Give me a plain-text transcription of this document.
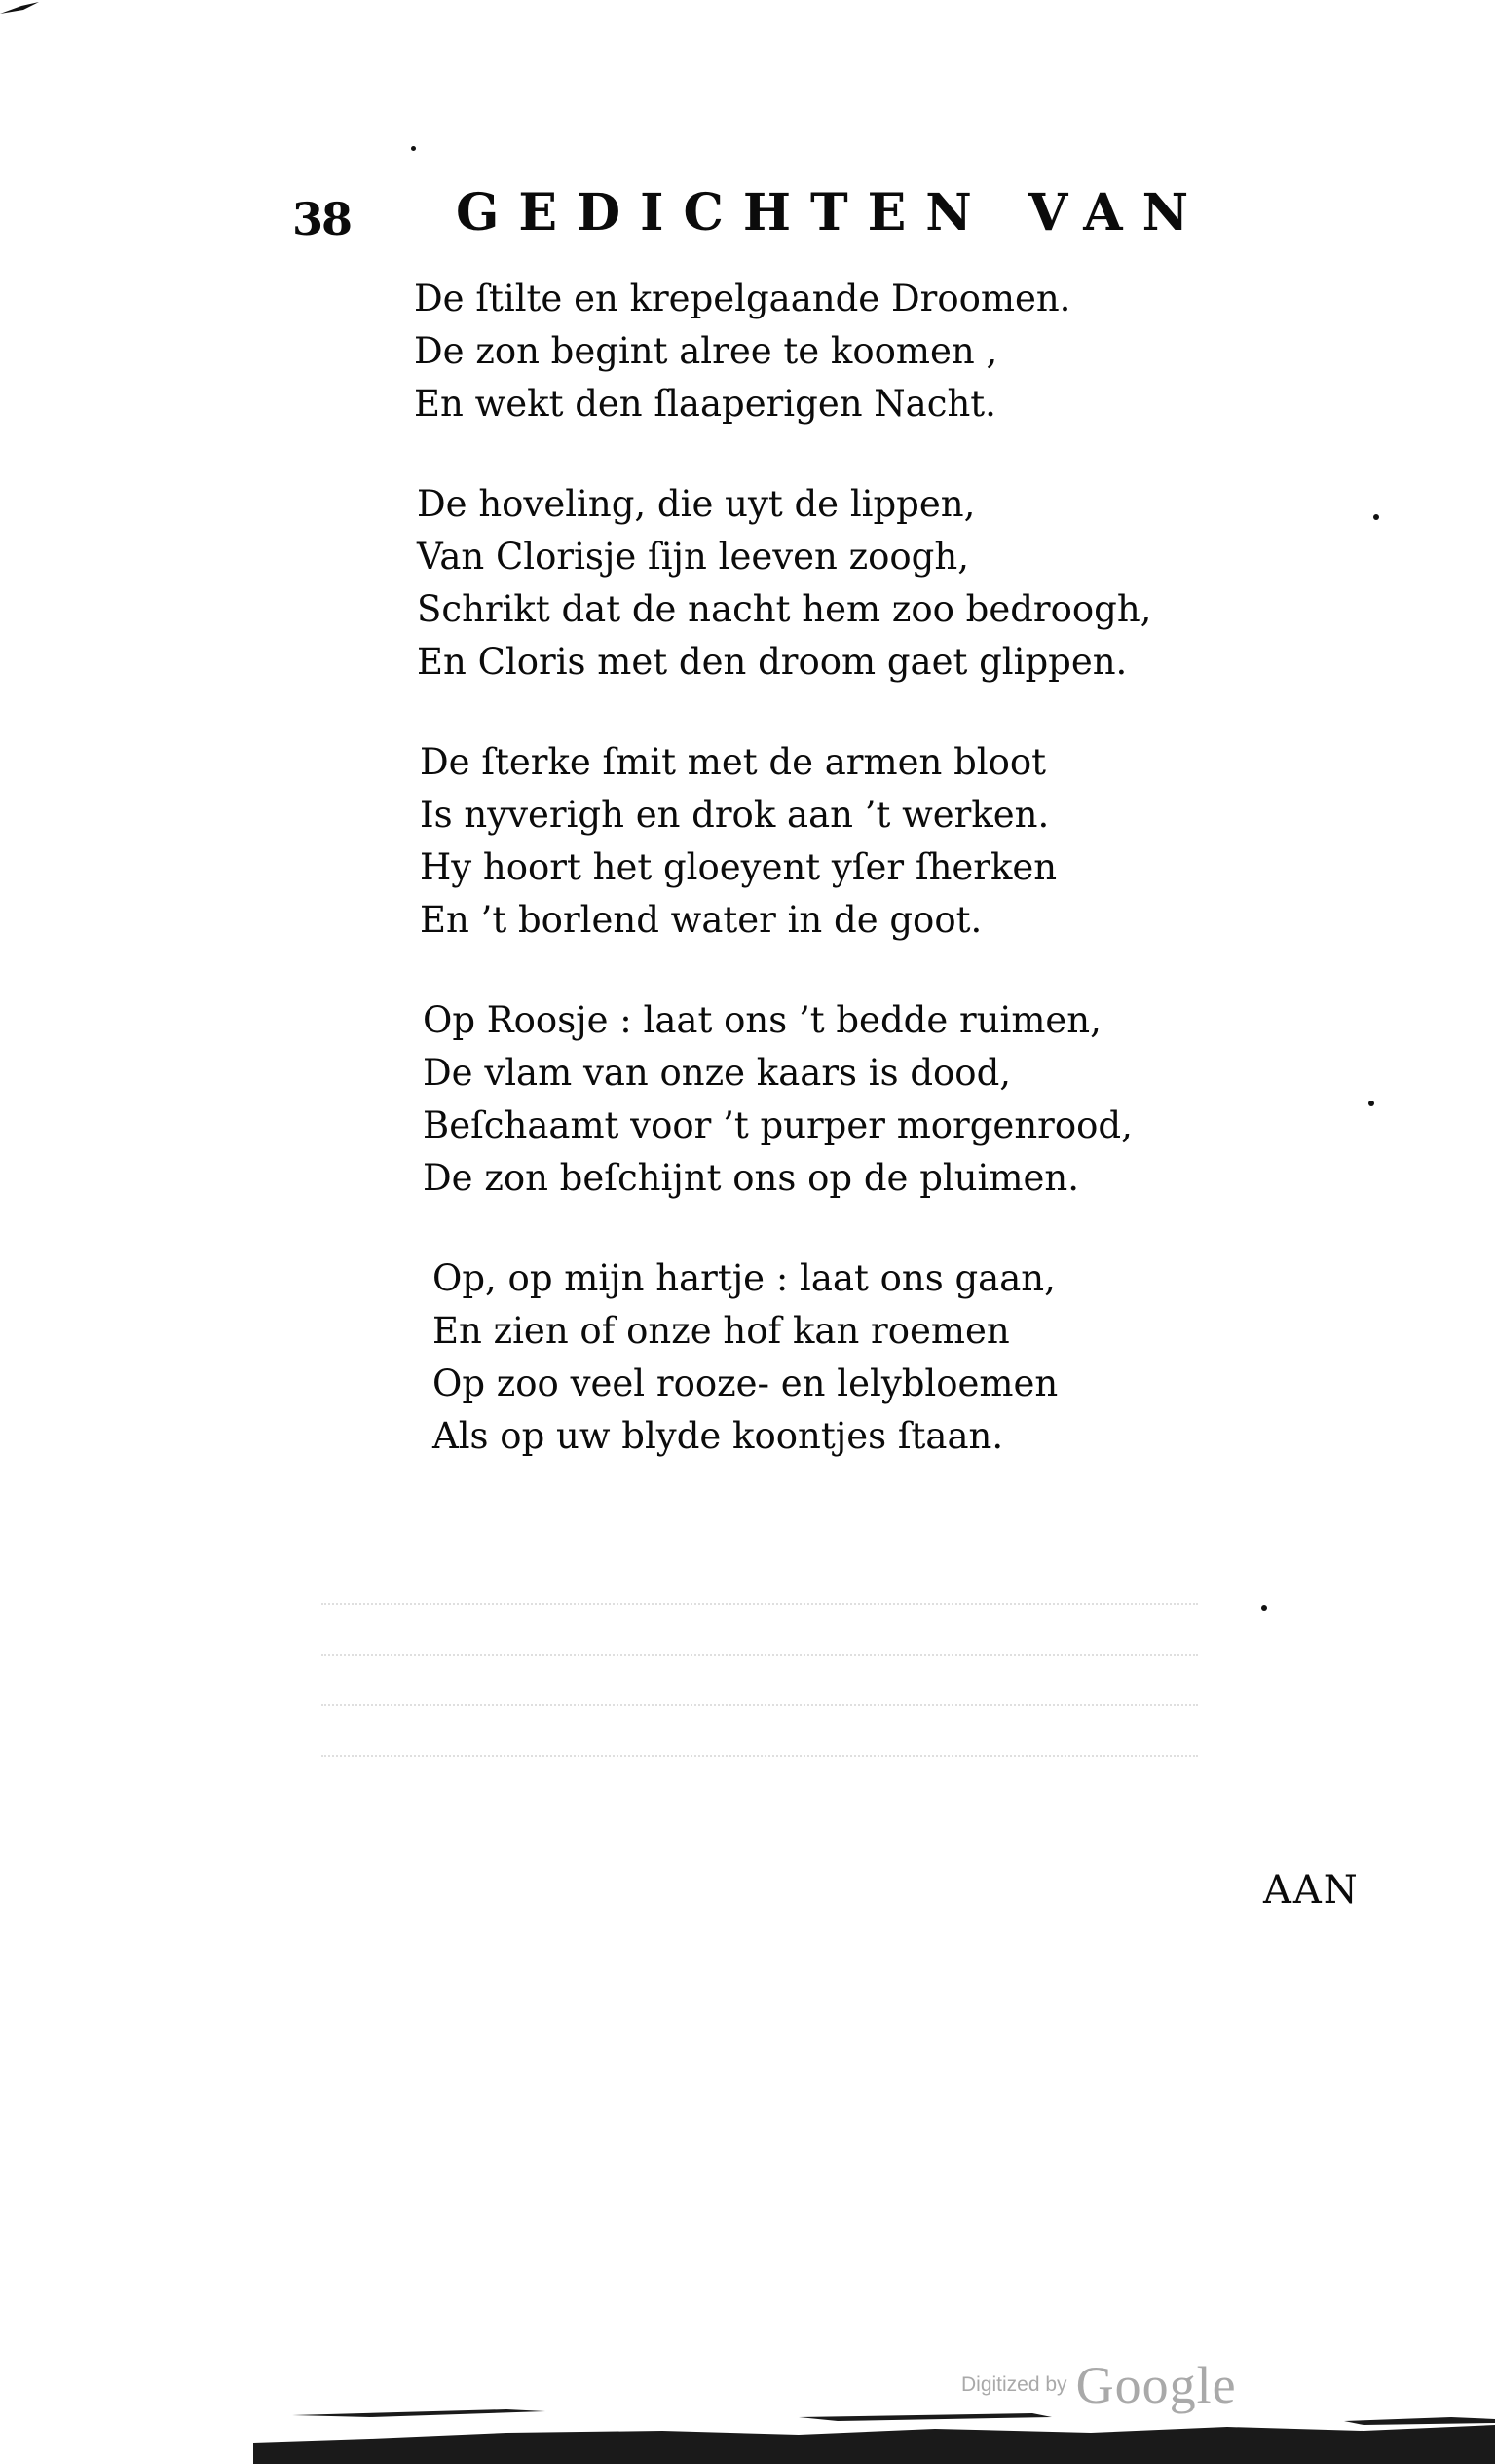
38 GEDICHTEN VAN
De ſtilte en krepelgaande Droomen.
De zon begint alree te koomen ,
En wekt den ſlaaperigen Nacht.
De hoveling, die uyt de lippen,
Van Clorisje ſijn leeven zoogh,
Schrikt dat de nacht hem zoo bedroogh,
En Cloris met den droom gaet glippen.
De ſterke ſmit met de armen bloot
Is nyverigh en drok aan ’t werken.
Hy hoort het gloeyent yſer ſherken
En ’t borlend water in de goot.
Op Roosje : laat ons ’t bedde ruimen,
De vlam van onze kaars is dood,
Beſchaamt voor ’t purper morgenrood,
De zon beſchijnt ons op de pluimen.
Op, op mijn hartje : laat ons gaan,
En zien of onze hof kan roemen
Op zoo veel rooze- en lelybloemen
Als op uw blyde koontjes ſtaan.
AAN
Digitized by Google
